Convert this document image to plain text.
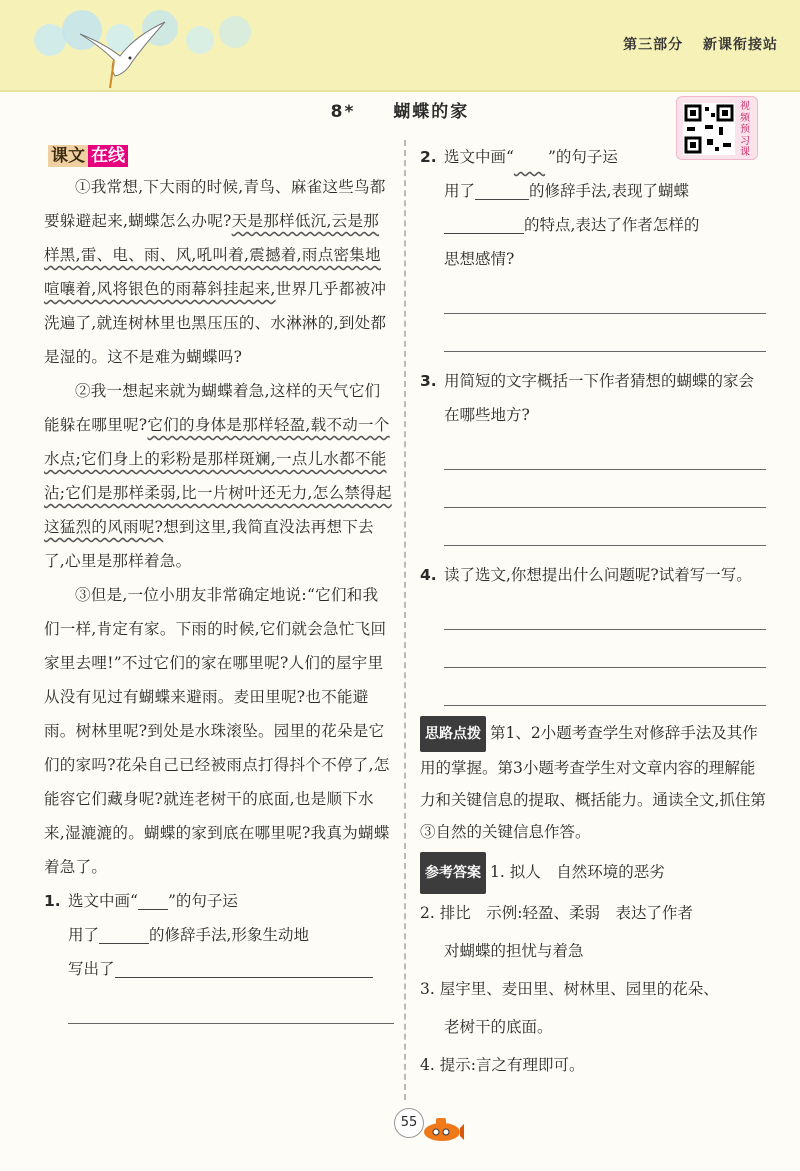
第三部分 新课衔接站
8* 蝴蝶的家	视频预习课
课文 在线

①我常想,下大雨的时候,青鸟、麻雀这些鸟都要躲避起来,蝴蝶怎么办呢?天是那样低沉,云是那样黑,雷、电、雨、风,吼叫着,震撼着,雨点密集地喧嚷着,风将银色的雨幕斜挂起来,世界几乎都被冲洗遍了,就连树林里也黑压压的、水淋淋的,到处都是湿的。这不是难为蝴蝶吗?

②我一想起来就为蝴蝶着急,这样的天气它们能躲在哪里呢?它们的身体是那样轻盈,载不动一个水点;它们身上的彩粉是那样斑斓,一点儿水都不能沾;它们是那样柔弱,比一片树叶还无力,怎么禁得起这猛烈的风雨呢?想到这里,我简直没法再想下去了,心里是那样着急。

③但是,一位小朋友非常确定地说:“它们和我们一样,肯定有家。下雨的时候,它们就会急忙飞回家里去哩!”不过它们的家在哪里呢?人们的屋宇里从没有见过有蝴蝶来避雨。麦田里呢?也不能避雨。树林里呢?到处是水珠滚坠。园里的花朵是它们的家吗?花朵自己已经被雨点打得抖个不停了,怎能容它们藏身呢?就连老树干的底面,也是顺下水来,湿漉漉的。蝴蝶的家到底在哪里呢?我真为蝴蝶着急了。

1. 选文中画“ ”的句子运
用了	的修辞手法,形象生动地
写出了
2. 选文中画“　　 ”的句子运
用了	的修辞手法,表现了蝴蝶
的特点,表达了作者怎样的
思想感情?
3. 用简短的文字概括一下作者猜想的蝴蝶的家会在哪些地方?
4. 读了选文,你想提出什么问题呢?试着写一写。
思路点拨 第1、2小题考查学生对修辞手法及其作用的掌握。第3小题考查学生对文章内容的理解能力和关键信息的提取、概括能力。通读全文,抓住第③自然的关键信息作答。
参考答案 1. 拟人　自然环境的恶劣
2. 排比　示例:轻盈、柔弱　表达了作者
对蝴蝶的担忧与着急
3. 屋宇里、麦田里、树林里、园里的花朵、
老树干的底面。
4. 提示:言之有理即可。
55
